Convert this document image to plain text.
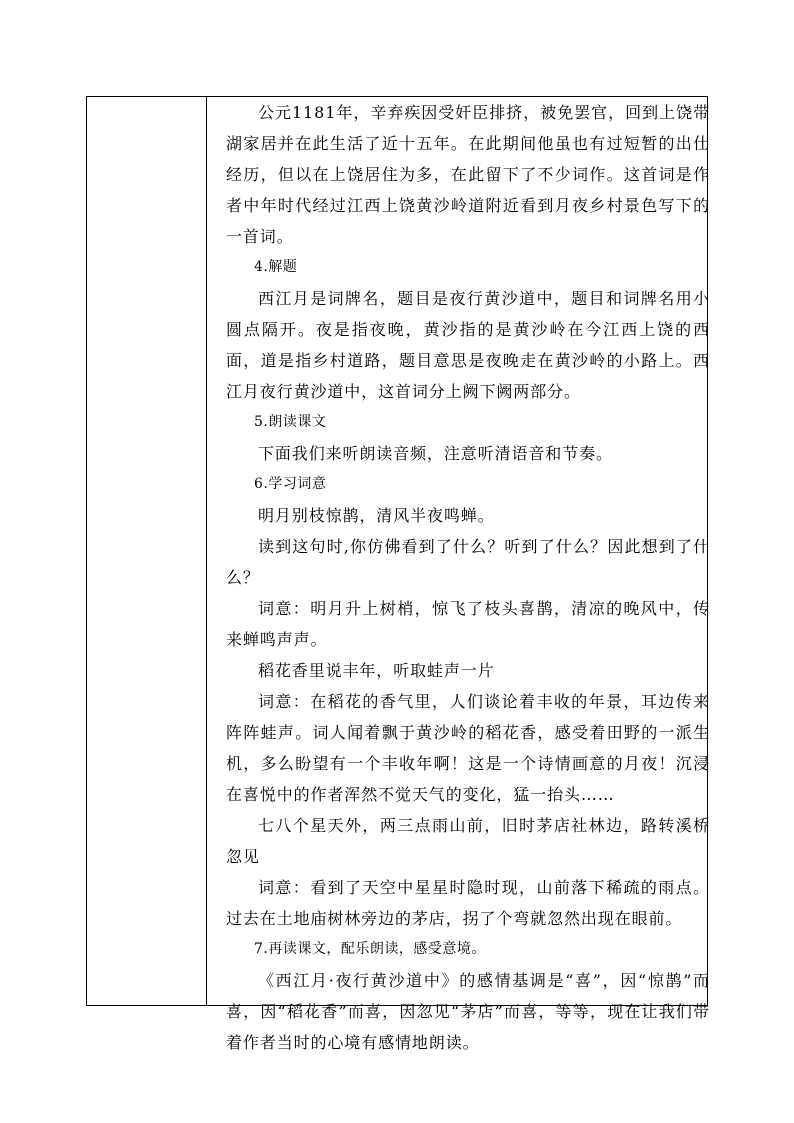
公元1181年，辛弃疾因受奸臣排挤，被免罢官，回到上饶带湖家居并在此生活了近十五年。在此期间他虽也有过短暂的出仕经历，但以在上饶居住为多，在此留下了不少词作。这首词是作者中年时代经过江西上饶黄沙岭道附近看到月夜乡村景色写下的一首词。

4.解题

西江月是词牌名，题目是夜行黄沙道中，题目和词牌名用小圆点隔开。夜是指夜晚，黄沙指的是黄沙岭在今江西上饶的西面，道是指乡村道路，题目意思是夜晚走在黄沙岭的小路上。西江月夜行黄沙道中，这首词分上阙下阙两部分。

5.朗读课文

下面我们来听朗读音频，注意听清语音和节奏。

6.学习词意

明月别枝惊鹊，清风半夜鸣蝉。

读到这句时,你仿佛看到了什么？听到了什么？因此想到了什么？

词意：明月升上树梢，惊飞了枝头喜鹊，清凉的晚风中，传来蝉鸣声声。

稻花香里说丰年，听取蛙声一片

词意：在稻花的香气里，人们谈论着丰收的年景，耳边传来阵阵蛙声。词人闻着飘于黄沙岭的稻花香，感受着田野的一派生机，多么盼望有一个丰收年啊！这是一个诗情画意的月夜！沉浸在喜悦中的作者浑然不觉天气的变化，猛一抬头……

七八个星天外，两三点雨山前，旧时茅店社林边，路转溪桥忽见

词意：看到了天空中星星时隐时现，山前落下稀疏的雨点。过去在土地庙树林旁边的茅店，拐了个弯就忽然出现在眼前。

7.再读课文，配乐朗读，感受意境。

《西江月·夜行黄沙道中》的感情基调是“喜”，因“惊鹊”而喜，因“稻花香”而喜，因忽见“茅店”而喜，等等，现在让我们带着作者当时的心境有感情地朗读。
